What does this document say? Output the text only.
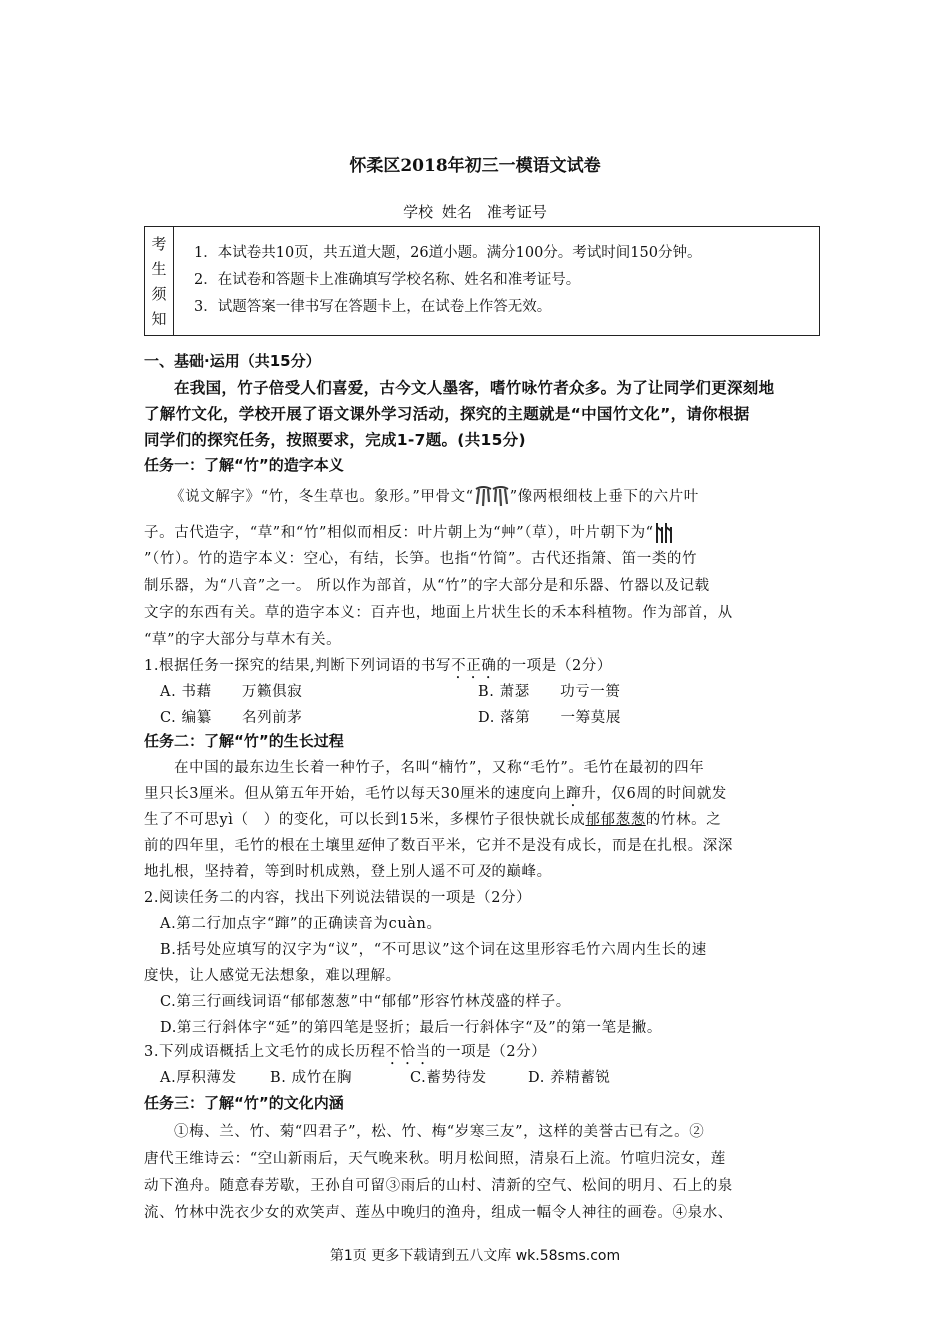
怀柔区2018年初三一模语文试卷
学校 姓名　准考证号
考
生
须
知
1．本试卷共10页，共五道大题，26道小题。满分100分。考试时间150分钟。
2．在试卷和答题卡上准确填写学校名称、姓名和准考证号。
3．试题答案一律书写在答题卡上，在试卷上作答无效。
一、基础·运用（共15分）
在我国，竹子倍受人们喜爱，古今文人墨客，嗜竹咏竹者众多。为了让同学们更深刻地
了解竹文化，学校开展了语文课外学习活动，探究的主题就是“中国竹文化”，请你根据
同学们的探究任务，按照要求，完成1-7题。(共15分)
任务一：了解“竹”的造字本义
《说文解字》“竹，冬生草也。象形。”甲骨文“ ”像两根细枝上垂下的六片叶
子。古代造字，“草”和“竹”相似而相反：叶片朝上为“艸”（草），叶片朝下为“
”（竹）。竹的造字本义：空心，有结，长笋。也指“竹简”。古代还指箫、笛一类的竹
制乐器，为“八音”之一。 所以作为部首，从“竹”的字大部分是和乐器、竹器以及记载
文字的东西有关。草的造字本义：百卉也，地面上片状生长的禾本科植物。作为部首，从
“草”的字大部分与草木有关。
1.根据任务一探究的结果,判断下列词语的书写不正确的一项是（2分）
A. 书藉　　万籁俱寂	B. 萧瑟　　功亏一篑
C. 编纂　　名列前茅	D. 落第　　一筹莫展
任务二：了解“竹”的生长过程
在中国的最东边生长着一种竹子，名叫“楠竹”，又称“毛竹”。毛竹在最初的四年
里只长3厘米。但从第五年开始，毛竹以每天30厘米的速度向上蹿升，仅6周的时间就发
生了不可思yì（　）的变化，可以长到15米，多棵竹子很快就长成郁郁葱葱的竹林。之
前的四年里，毛竹的根在土壤里延伸了数百平米，它并不是没有成长，而是在扎根。深深
地扎根，坚持着，等到时机成熟，登上别人遥不可及的巅峰。
2.阅读任务二的内容，找出下列说法错误的一项是（2分）
A.第二行加点字“蹿”的正确读音为cuàn。
B.括号处应填写的汉字为“议”，“不可思议”这个词在这里形容毛竹六周内生长的速
度快，让人感觉无法想象，难以理解。
C.第三行画线词语“郁郁葱葱”中“郁郁”形容竹林茂盛的样子。
D.第三行斜体字“延”的第四笔是竖折；最后一行斜体字“及”的第一笔是撇。
3.下列成语概括上文毛竹的成长历程不恰当的一项是（2分）
A.厚积薄发 B. 成竹在胸	C.蓄势待发	D. 养精蓄锐
任务三：了解“竹”的文化内涵
①梅、兰、竹、菊“四君子”，松、竹、梅“岁寒三友”，这样的美誉古已有之。②
唐代王维诗云：“空山新雨后，天气晚来秋。明月松间照，清泉石上流。竹喧归浣女，莲
动下渔舟。随意春芳歇，王孙自可留③雨后的山村、清新的空气、松间的明月、石上的泉
流、竹林中洗衣少女的欢笑声、莲丛中晚归的渔舟，组成一幅令人神往的画卷。④泉水、
第1页 更多下载请到五八文库 wk.58sms.com
